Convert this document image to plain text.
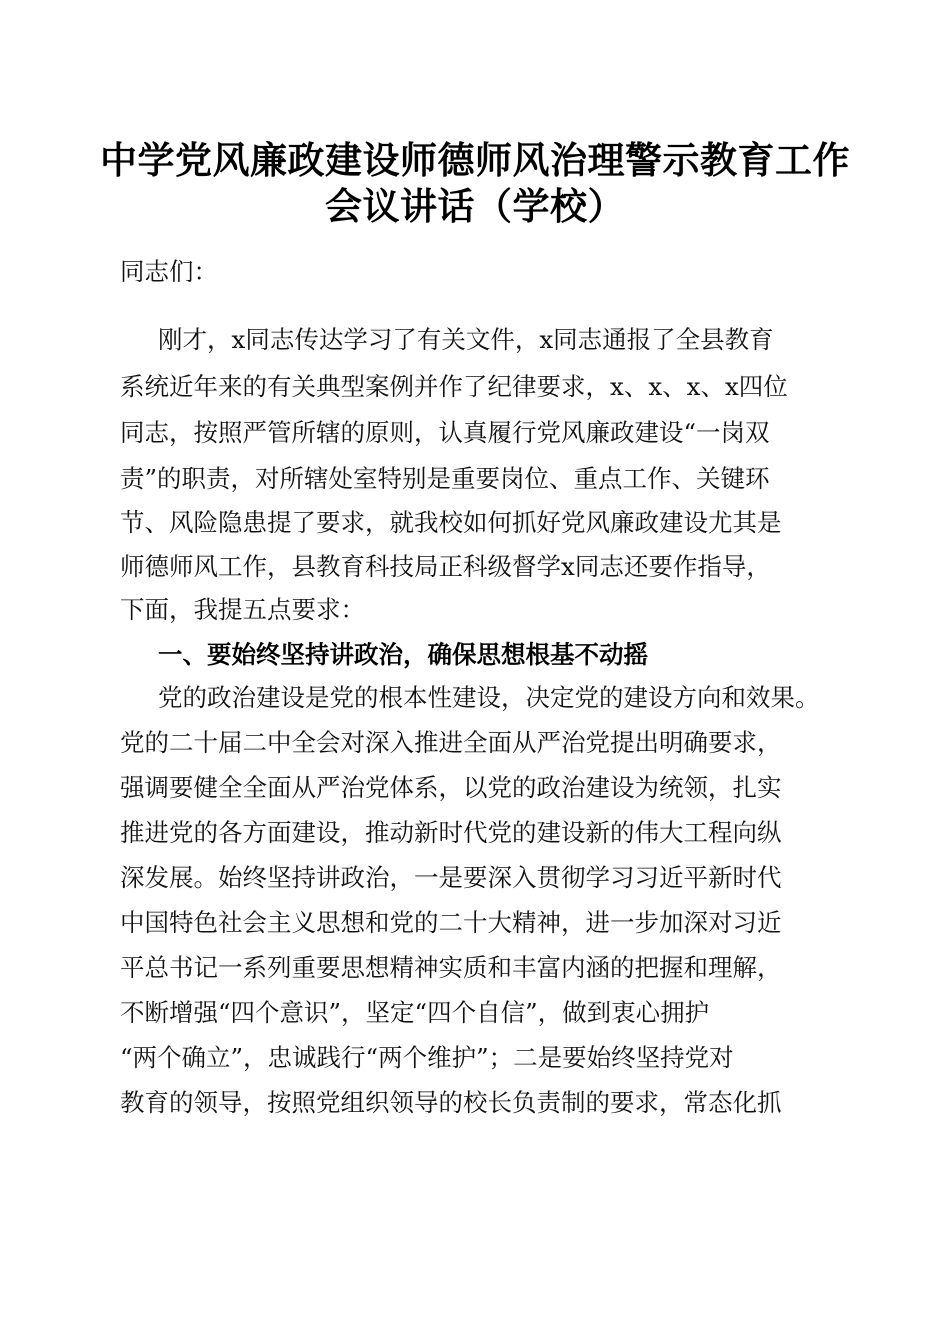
中学党风廉政建设师德师风治理警示教育工作
会议讲话（学校）
同志们：
刚才，x同志传达学习了有关文件，x同志通报了全县教育
系统近年来的有关典型案例并作了纪律要求，x、x、x、x四位
同志，按照严管所辖的原则，认真履行党风廉政建设“一岗双
责”的职责，对所辖处室特别是重要岗位、重点工作、关键环
节、风险隐患提了要求，就我校如何抓好党风廉政建设尤其是
师德师风工作，县教育科技局正科级督学x同志还要作指导，
下面，我提五点要求：
一、要始终坚持讲政治，确保思想根基不动摇
党的政治建设是党的根本性建设，决定党的建设方向和效果。
党的二十届二中全会对深入推进全面从严治党提出明确要求，
强调要健全全面从严治党体系，以党的政治建设为统领，扎实
推进党的各方面建设，推动新时代党的建设新的伟大工程向纵
深发展。始终坚持讲政治，一是要深入贯彻学习习近平新时代
中国特色社会主义思想和党的二十大精神，进一步加深对习近
平总书记一系列重要思想精神实质和丰富内涵的把握和理解，
不断增强“四个意识”，坚定“四个自信”，做到衷心拥护
“两个确立”，忠诚践行“两个维护”；二是要始终坚持党对
教育的领导，按照党组织领导的校长负责制的要求，常态化抓
